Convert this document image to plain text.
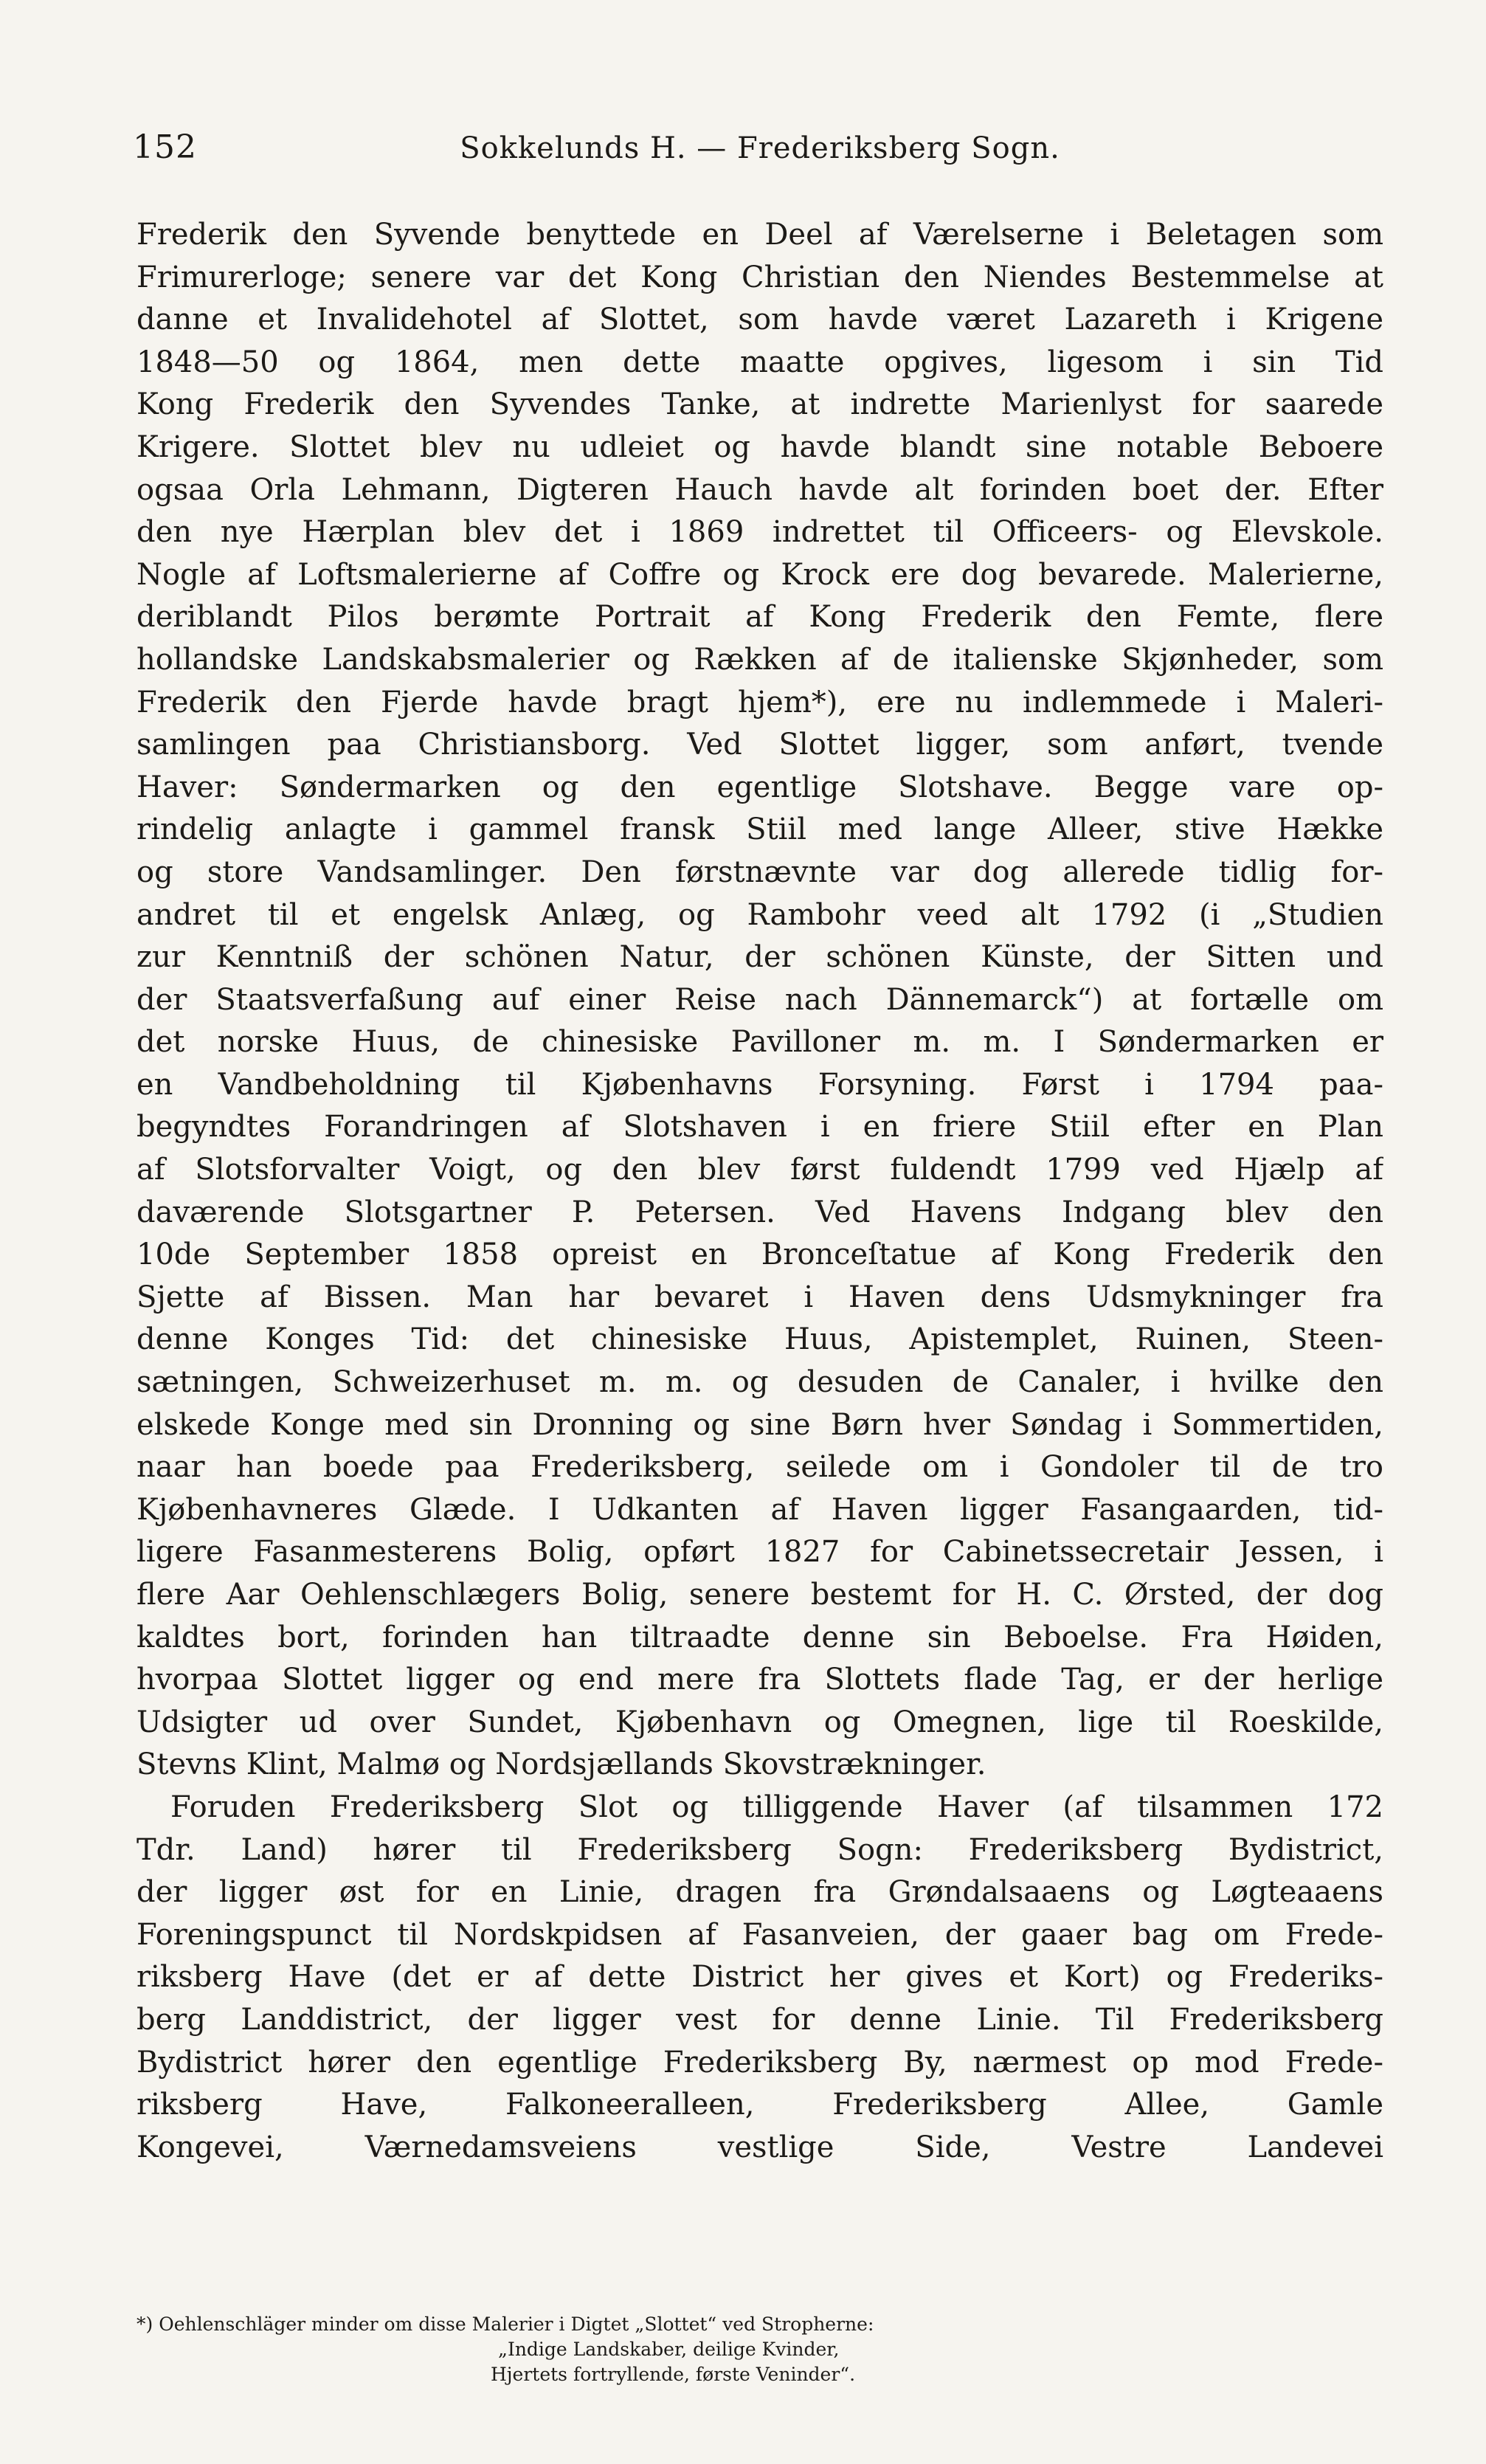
152	Sokkelunds H. — Frederiksberg Sogn.
Frederik den Syvende benyttede en Deel af Værelserne i Beletagen som
Frimurerloge; senere var det Kong Christian den Niendes Bestemmelse at
danne et Invalidehotel af Slottet, som havde været Lazareth i Krigene
1848—50 og 1864, men dette maatte opgives, ligesom i sin Tid
Kong Frederik den Syvendes Tanke, at indrette Marienlyst for saarede
Krigere. Slottet blev nu udleiet og havde blandt sine notable Beboere
ogsaa Orla Lehmann, Digteren Hauch havde alt forinden boet der. Efter
den nye Hærplan blev det i 1869 indrettet til Officeers- og Elevskole.
Nogle af Loftsmalerierne af Coffre og Krock ere dog bevarede. Malerierne,
deriblandt Pilos berømte Portrait af Kong Frederik den Femte, flere
hollandske Landskabsmalerier og Rækken af de italienske Skjønheder, som
Frederik den Fjerde havde bragt hjem*), ere nu indlemmede i Maleri-
samlingen paa Christiansborg. Ved Slottet ligger, som anført, tvende
Haver: Søndermarken og den egentlige Slotshave. Begge vare op-
rindelig anlagte i gammel fransk Stiil med lange Alleer, stive Hække
og store Vandsamlinger. Den førstnævnte var dog allerede tidlig for-
andret til et engelsk Anlæg, og Rambohr veed alt 1792 (i „Studien
zur Kenntniß der schönen Natur, der schönen Künste, der Sitten und
der Staatsverfaßung auf einer Reise nach Dännemarck“) at fortælle om
det norske Huus, de chinesiske Pavilloner m. m. I Søndermarken er
en Vandbeholdning til Kjøbenhavns Forsyning. Først i 1794 paa-
begyndtes Forandringen af Slotshaven i en friere Stiil efter en Plan
af Slotsforvalter Voigt, og den blev først fuldendt 1799 ved Hjælp af
daværende Slotsgartner P. Petersen. Ved Havens Indgang blev den
10de September 1858 opreist en Bronceſtatue af Kong Frederik den
Sjette af Bissen. Man har bevaret i Haven dens Udsmykninger fra
denne Konges Tid: det chinesiske Huus, Apistemplet, Ruinen, Steen-
sætningen, Schweizerhuset m. m. og desuden de Canaler, i hvilke den
elskede Konge med sin Dronning og sine Børn hver Søndag i Sommertiden,
naar han boede paa Frederiksberg, seilede om i Gondoler til de tro
Kjøbenhavneres Glæde. I Udkanten af Haven ligger Fasangaarden, tid-
ligere Fasanmesterens Bolig, opført 1827 for Cabinetssecretair Jessen, i
flere Aar Oehlenschlægers Bolig, senere bestemt for H. C. Ørsted, der dog
kaldtes bort, forinden han tiltraadte denne sin Beboelse. Fra Høiden,
hvorpaa Slottet ligger og end mere fra Slottets flade Tag, er der herlige
Udsigter ud over Sundet, Kjøbenhavn og Omegnen, lige til Roeskilde,
Stevns Klint, Malmø og Nordsjællands Skovstrækninger.
Foruden Frederiksberg Slot og tilliggende Haver (af tilsammen 172
Tdr. Land) hører til Frederiksberg Sogn: Frederiksberg Bydistrict,
der ligger øst for en Linie, dragen fra Grøndalsaaens og Løgteaaens
Foreningspunct til Nordskpidsen af Fasanveien, der gaaer bag om Frede-
riksberg Have (det er af dette District her gives et Kort) og Frederiks-
berg Landdistrict, der ligger vest for denne Linie. Til Frederiksberg
Bydistrict hører den egentlige Frederiksberg By, nærmest op mod Frede-
riksberg Have, Falkoneeralleen, Frederiksberg Allee, Gamle
Kongevei, Værnedamsveiens vestlige Side, Vestre Landevei
*) Oehlenschläger minder om disse Malerier i Digtet „Slottet“ ved Stropherne:
„Indige Landskaber, deilige Kvinder,
Hjertets fortryllende, første Veninder“.
